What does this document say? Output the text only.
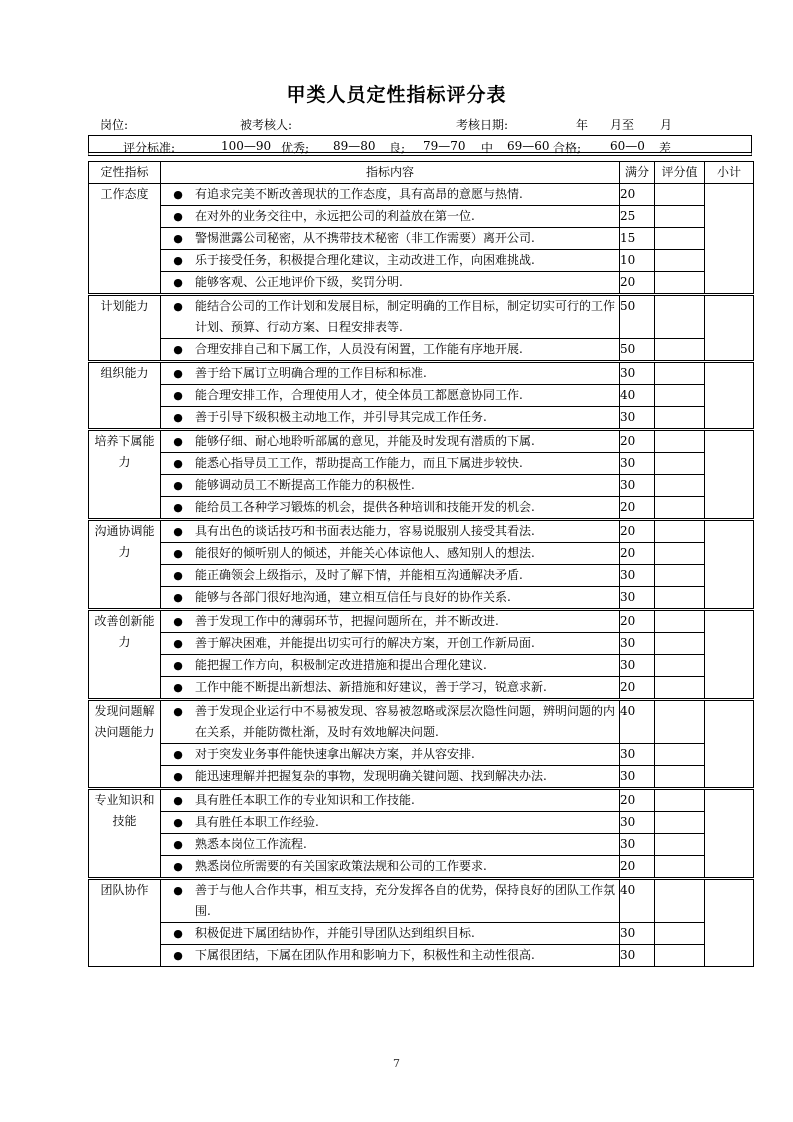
甲类人员定性指标评分表
岗位:	被考核人:	考核日期:	年 月至 月
评分标准:	100—90 优秀; 89—80 良; 79—70 中 69—60 合格; 60—0 差
定性指标	指标内容	满分	评分值	小计
工作态度	● 有追求完美不断改善现状的工作态度，具有高昂的意愿与热情.	20		

	● 在对外的业务交往中，永远把公司的利益放在第一位.	25		

	● 警惕泄露公司秘密，从不携带技术秘密（非工作需要）离开公司.	15		

	● 乐于接受任务，积极提合理化建议，主动改进工作，向困难挑战.	10		

	● 能够客观、公正地评价下级，奖罚分明.	20		
计划能力	● 能结合公司的工作计划和发展目标，制定明确的工作目标，制定切实可行的工作计划、预算、行动方案、日程安排表等.	50		

	● 合理安排自己和下属工作，人员没有闲置，工作能有序地开展.	50		
组织能力	● 善于给下属订立明确合理的工作目标和标准.	30		

	● 能合理安排工作，合理使用人才，使全体员工都愿意协同工作.	40		

	● 善于引导下级积极主动地工作，并引导其完成工作任务.	30		
培养下属能力	● 能够仔细、耐心地聆听部属的意见，并能及时发现有潜质的下属.	20		

	● 能悉心指导员工工作，帮助提高工作能力，而且下属进步较快.	30		

	● 能够调动员工不断提高工作能力的积极性.	30		

	● 能给员工各种学习锻炼的机会，提供各种培训和技能开发的机会.	20		
沟通协调能力	● 具有出色的谈话技巧和书面表达能力，容易说服别人接受其看法.	20		

	● 能很好的倾听别人的倾述，并能关心体谅他人、感知别人的想法.	20		

	● 能正确领会上级指示，及时了解下情，并能相互沟通解决矛盾.	30		

	● 能够与各部门很好地沟通，建立相互信任与良好的协作关系.	30		
改善创新能力	● 善于发现工作中的薄弱环节，把握问题所在，并不断改进.	20		

	● 善于解决困难，并能提出切实可行的解决方案，开创工作新局面.	30		

	● 能把握工作方向，积极制定改进措施和提出合理化建议.	30		

	● 工作中能不断提出新想法、新措施和好建议，善于学习，锐意求新.	20		
发现问题解决问题能力	● 善于发现企业运行中不易被发现、容易被忽略或深层次隐性问题，辨明问题的内在关系，并能防微杜渐，及时有效地解决问题.	40		

	● 对于突发业务事件能快速拿出解决方案，并从容安排.	30		

	● 能迅速理解并把握复杂的事物，发现明确关键问题、找到解决办法.	30		
专业知识和技能	● 具有胜任本职工作的专业知识和工作技能.	20		

	● 具有胜任本职工作经验.	30		

	● 熟悉本岗位工作流程.	30		

	● 熟悉岗位所需要的有关国家政策法规和公司的工作要求.	20		
团队协作	● 善于与他人合作共事，相互支持，充分发挥各自的优势，保持良好的团队工作氛围.	40		

	● 积极促进下属团结协作，并能引导团队达到组织目标.	30		

	● 下属很团结，下属在团队作用和影响力下，积极性和主动性很高.	30		
7
